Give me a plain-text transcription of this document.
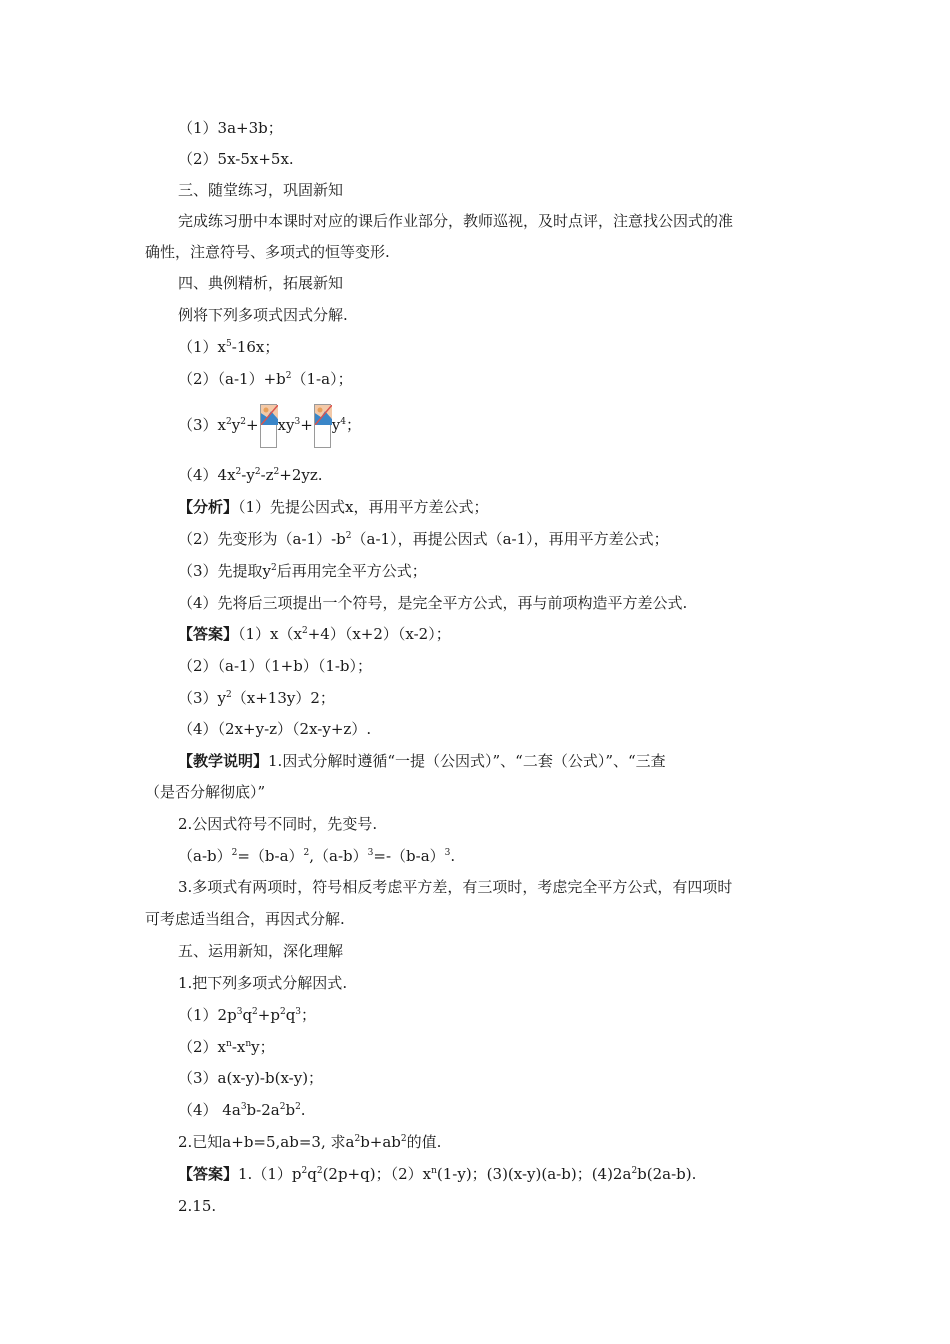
（1）3a+3b；
（2）5x-5x+5x.
三、随堂练习，巩固新知
完成练习册中本课时对应的课后作业部分，教师巡视，及时点评，注意找公因式的准
确性，注意符号、多项式的恒等变形.
四、典例精析，拓展新知
例将下列多项式因式分解.
$(1)x^5-16x$；
$(2)(a-1)+b^2(1-a)$；
$(3)x^2y^2+ xy^3+ y^4$；
$(4)4x^2-y^2-z^2+2yz$.
【分析】（1）先提公因式x，再用平方差公式；
（2）先变形为$(a-1)-b^2(a-1)$，再提公因式（a-1），再用平方差公式；
（3）先提取$y^2$后再用完全平方公式；
（4）先将后三项提出一个符号，是完全平方公式，再与前项构造平方差公式.
【答案】$(1)x(x^2+4)(x+2)(x-2)$；
（2）（a-1）（1+b）（1-b）；
$(3)y^2(x+13y)2$；
（4）（2x+y-z）（2x-y+z）.
【教学说明】1.因式分解时遵循“一提（公因式）”、“二套（公式）”、“三查
（是否分解彻底）”
2.公因式符号不同时，先变号.
$(a-b)^2=(b-a)^2,(a-b)^3=-(b-a)^3$.
3.多项式有两项时，符号相反考虑平方差，有三项时，考虑完全平方公式，有四项时
可考虑适当组合，再因式分解.
五、运用新知，深化理解
1.把下列多项式分解因式.
$(1)2p^3q^2+p^2q^3$；
$(2)x^n-x^ny$；
（3）a(x-y)-b(x-y)；
（4） $4a^3b-2a^2b^2$.
2.已知a+b=5,ab=3, 求$a^2b+ab^2$的值.
【答案】$1.(1)p^2q^2(2p+q)$；$(2)x^n(1-y)$；(3)(x-y)(a-b)；$(4)2a^2b(2a-b)$.
2.15.
